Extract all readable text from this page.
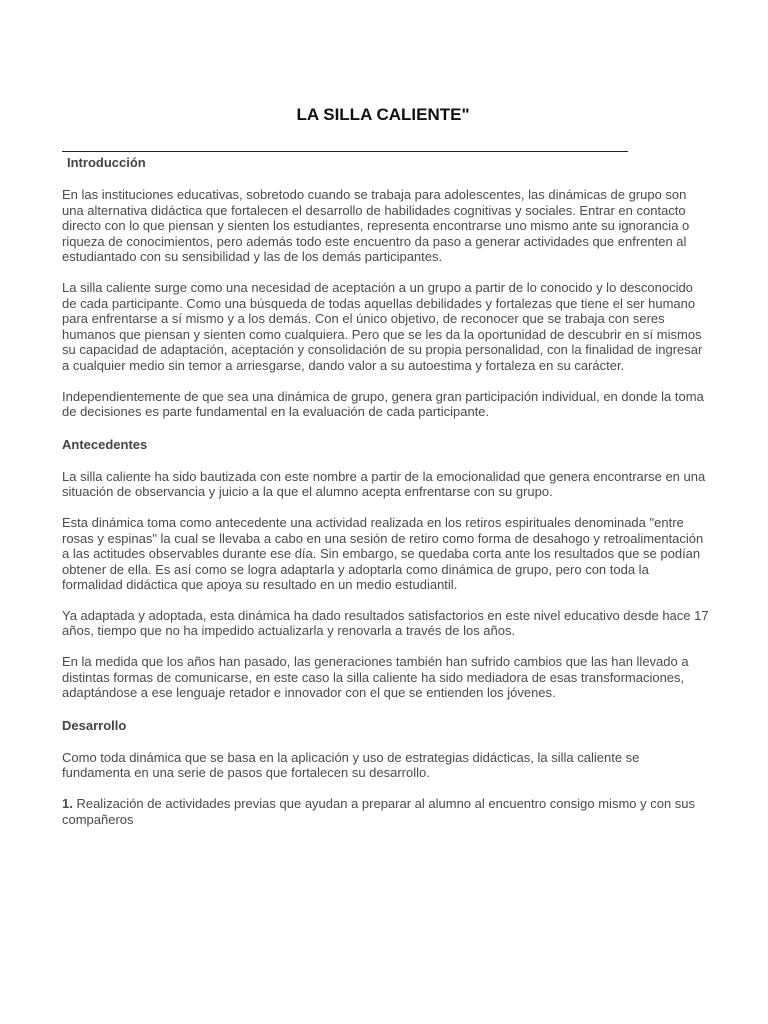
LA SILLA CALIENTE"
Introducción

En las instituciones educativas, sobretodo cuando se trabaja para adolescentes, las dinámicas de grupo son una alternativa didáctica que fortalecen el desarrollo de habilidades cognitivas y sociales. Entrar en contacto directo con lo que piensan y sienten los estudiantes, representa encontrarse uno mismo ante su ignorancia o riqueza de conocimientos, pero además todo este encuentro da paso a generar actividades que enfrenten al estudiantado con su sensibilidad y las de los demás participantes.

La silla caliente surge como una necesidad de aceptación a un grupo a partir de lo conocido y lo desconocido de cada participante. Como una búsqueda de todas aquellas debilidades y fortalezas que tiene el ser humano para enfrentarse a sí mismo y a los demás. Con el único objetivo, de reconocer que se trabaja con seres humanos que piensan y sienten como cualquiera. Pero que se les da la oportunidad de descubrir en sí mismos su capacidad de adaptación, aceptación y consolidación de su propia personalidad, con la finalidad de ingresar a cualquier medio sin temor a arriesgarse, dando valor a su autoestima y fortaleza en su carácter.

Independientemente de que sea una dinámica de grupo, genera gran participación individual, en donde la toma de decisiones es parte fundamental en la evaluación de cada participante.

Antecedentes

La silla caliente ha sido bautizada con este nombre a partir de la emocionalidad que genera encontrarse en una situación de observancia y juicio a la que el alumno acepta enfrentarse con su grupo.

Esta dinámica toma como antecedente una actividad realizada en los retiros espirituales denominada "entre rosas y espinas" la cual se llevaba a cabo en una sesión de retiro como forma de desahogo y retroalimentación a las actitudes observables durante ese día. Sin embargo, se quedaba corta ante los resultados que se podían obtener de ella. Es así como se logra adaptarla y adoptarla como dinámica de grupo, pero con toda la formalidad didáctica que apoya su resultado en un medio estudiantil.

Ya adaptada y adoptada, esta dinámica ha dado resultados satisfactorios en este nivel educativo desde hace 17 años, tiempo que no ha impedido actualizarla y renovarla a través de los años.

En la medida que los años han pasado, las generaciones también han sufrido cambios que las han llevado a distintas formas de comunicarse, en este caso la silla caliente ha sido mediadora de esas transformaciones, adaptándose a ese lenguaje retador e innovador con el que se entienden los jóvenes.

Desarrollo

Como toda dinámica que se basa en la aplicación y uso de estrategias didácticas, la silla caliente se fundamenta en una serie de pasos que fortalecen su desarrollo.

1. Realización de actividades previas que ayudan a preparar al alumno al encuentro consigo mismo y con sus compañeros
